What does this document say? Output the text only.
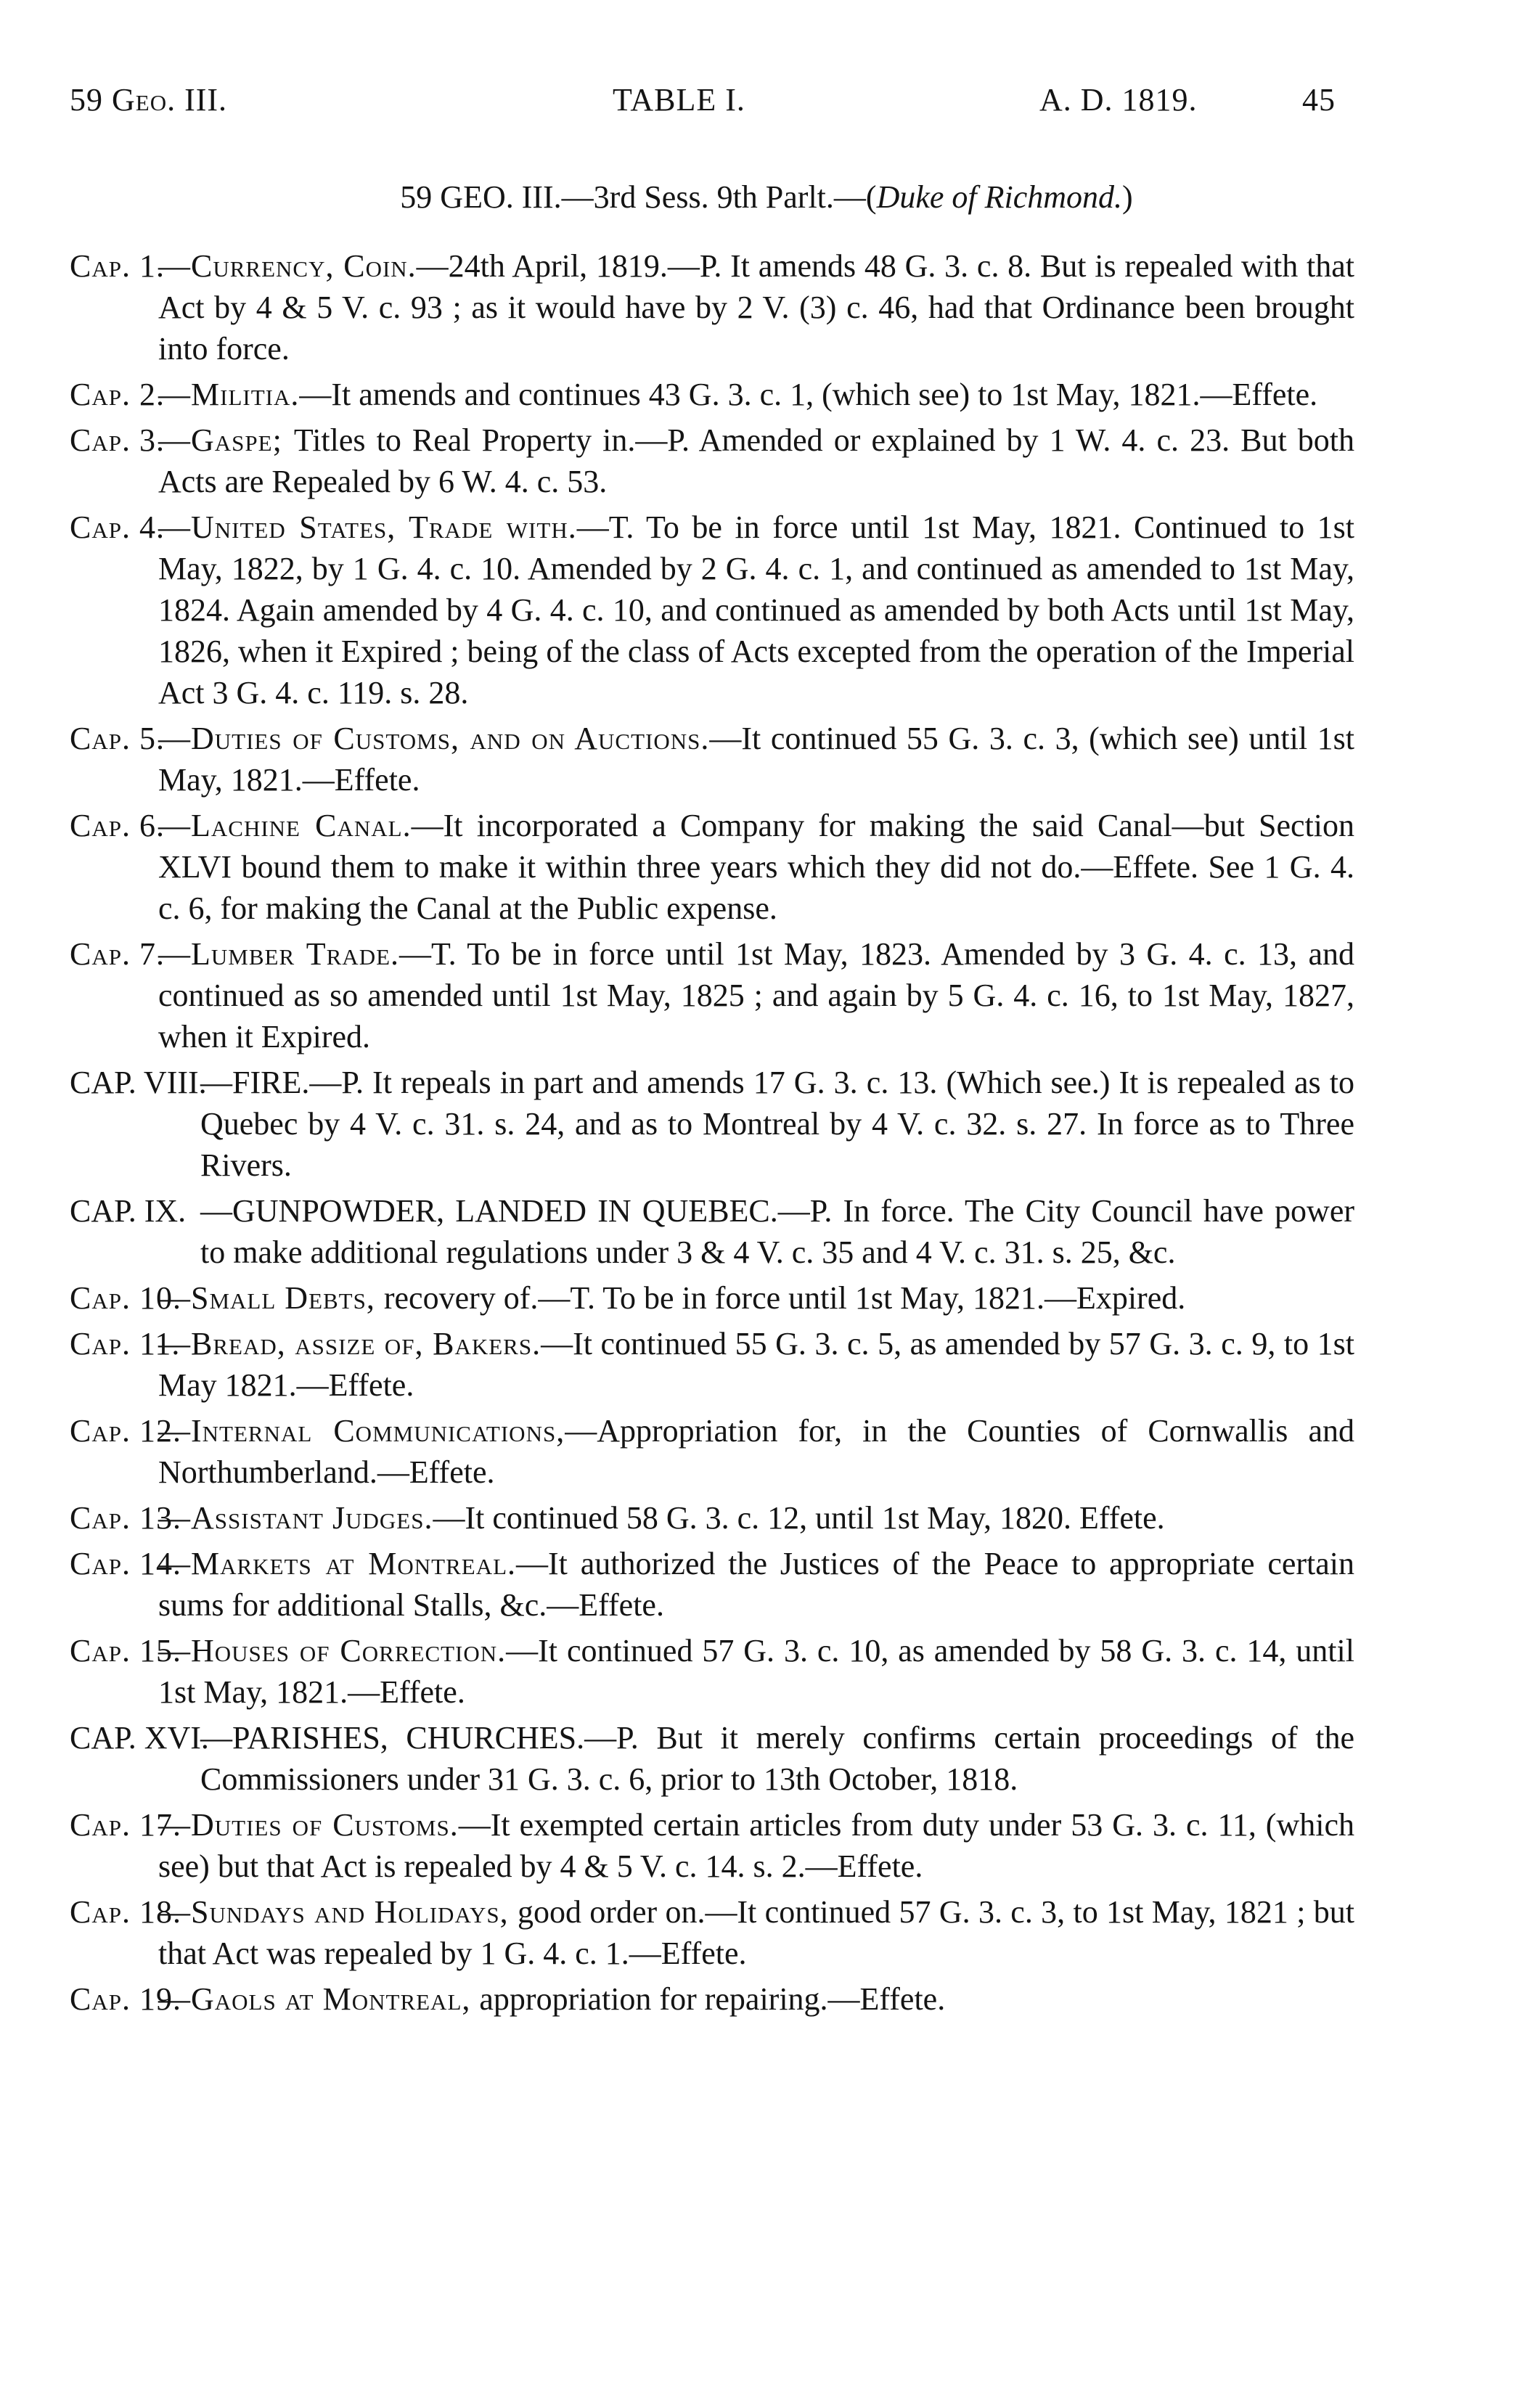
59 Geo. III.	TABLE I.	A. D. 1819.	45
59 GEO. III.—3rd Sess. 9th Parlt.—(Duke of Richmond.)
Cap. 1.
—Currency, Coin.—24th April, 1819.—P. It amends 48 G. 3. c. 8. But is repealed with that Act by 4 & 5 V. c. 93 ; as it would have by 2 V. (3) c. 46, had that Ordinance been brought into force.
Cap. 2.
—Militia.—It amends and continues 43 G. 3. c. 1, (which see) to 1st May, 1821.—Effete.
Cap. 3.
—Gaspe; Titles to Real Property in.—P. Amended or explained by 1 W. 4. c. 23. But both Acts are Repealed by 6 W. 4. c. 53.
Cap. 4.
—United States, Trade with.—T. To be in force until 1st May, 1821. Continued to 1st May, 1822, by 1 G. 4. c. 10. Amended by 2 G. 4. c. 1, and continued as amended to 1st May, 1824. Again amended by 4 G. 4. c. 10, and continued as amended by both Acts until 1st May, 1826, when it Expired ; being of the class of Acts excepted from the operation of the Imperial Act 3 G. 4. c. 119. s. 28.
Cap. 5.
—Duties of Customs, and on Auctions.—It continued 55 G. 3. c. 3, (which see) until 1st May, 1821.—Effete.
Cap. 6.
—Lachine Canal.—It incorporated a Company for making the said Canal—but Section XLVI bound them to make it within three years which they did not do.—Effete. See 1 G. 4. c. 6, for making the Canal at the Public expense.
Cap. 7.
—Lumber Trade.—T. To be in force until 1st May, 1823. Amended by 3 G. 4. c. 13, and continued as so amended until 1st May, 1825 ; and again by 5 G. 4. c. 16, to 1st May, 1827, when it Expired.
CAP. VIII.
—FIRE.—P. It repeals in part and amends 17 G. 3. c. 13. (Which see.) It is repealed as to Quebec by 4 V. c. 31. s. 24, and as to Montreal by 4 V. c. 32. s. 27. In force as to Three Rivers.
CAP. IX. —GUNPOWDER, LANDED IN QUEBEC.—P. In force. The City Council have power to make additional regulations under 3 & 4 V. c. 35 and 4 V. c. 31. s. 25, &c.
Cap. 10.
—Small Debts, recovery of.—T. To be in force until 1st May, 1821.—Expired.
Cap. 11.
—Bread, assize of, Bakers.—It continued 55 G. 3. c. 5, as amended by 57 G. 3. c. 9, to 1st May 1821.—Effete.
Cap. 12.
—Internal Communications,—Appropriation for, in the Counties of Cornwallis and Northumberland.—Effete.
Cap. 13.
—Assistant Judges.—It continued 58 G. 3. c. 12, until 1st May, 1820. Effete.
Cap. 14.
—Markets at Montreal.—It authorized the Justices of the Peace to appropriate certain sums for additional Stalls, &c.—Effete.
Cap. 15.
—Houses of Correction.—It continued 57 G. 3. c. 10, as amended by 58 G. 3. c. 14, until 1st May, 1821.—Effete.
CAP. XVI.
—PARISHES, CHURCHES.—P. But it merely confirms certain proceedings of the Commissioners under 31 G. 3. c. 6, prior to 13th October, 1818.
Cap. 17.
—Duties of Customs.—It exempted certain articles from duty under 53 G. 3. c. 11, (which see) but that Act is repealed by 4 & 5 V. c. 14. s. 2.—Effete.
Cap. 18.
—Sundays and Holidays, good order on.—It continued 57 G. 3. c. 3, to 1st May, 1821 ; but that Act was repealed by 1 G. 4. c. 1.—Effete.
Cap. 19.
—Gaols at Montreal, appropriation for repairing.—Effete.
